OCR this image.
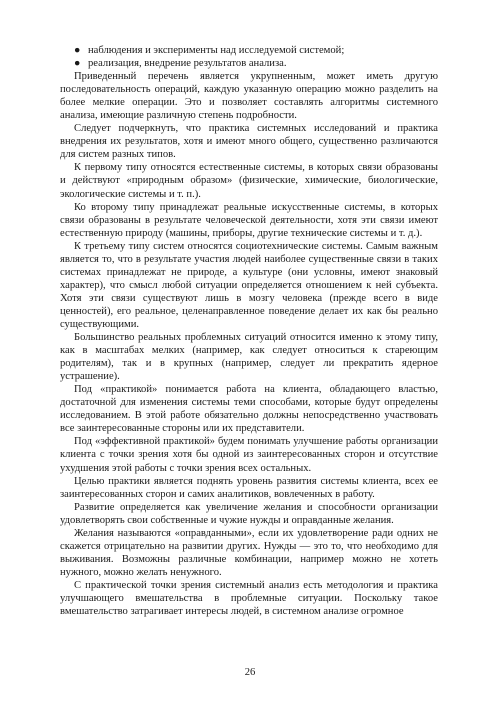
● наблюдения и эксперименты над исследуемой системой;
● реализация, внедрение результатов анализа.

Приведенный перечень является укрупненным, может иметь другую последовательность операций, каждую указанную операцию можно разделить на более мелкие операции. Это и позволяет составлять алгоритмы системного анализа, имеющие различную степень подробности.

Следует подчеркнуть, что практика системных исследований и практика внедрения их результатов, хотя и имеют много общего, существенно различаются для систем разных типов.

К первому типу относятся естественные системы, в которых связи образованы и действуют «природным образом» (физические, химические, биологические, экологические системы и т. п.).

Ко второму типу принадлежат реальные искусственные системы, в которых связи образованы в результате человеческой деятельности, хотя эти связи имеют естественную природу (машины, приборы, другие технические системы и т. д.).

К третьему типу систем относятся социотехнические системы. Самым важным является то, что в результате участия людей наиболее существенные связи в таких системах принадлежат не природе, а культуре (они условны, имеют знаковый характер), что смысл любой ситуации определяется отношением к ней субъекта. Хотя эти связи существуют лишь в мозгу человека (прежде всего в виде ценностей), его реальное, целенаправленное поведение делает их как бы реально существующими.

Большинство реальных проблемных ситуаций относится именно к этому типу, как в масштабах мелких (например, как следует относиться к стареющим родителям), так и в крупных (например, следует ли прекратить ядерное устрашение).

Под «практикой» понимается работа на клиента, обладающего властью, достаточной для изменения системы теми способами, которые будут определены исследованием. В этой работе обязательно должны непосредственно участвовать все заинтересованные стороны или их представители.

Под «эффективной практикой» будем понимать улучшение работы организации клиента с точки зрения хотя бы одной из заинтересованных сторон и отсутствие ухудшения этой работы с точки зрения всех остальных.

Целью практики является поднять уровень развития системы клиента, всех ее заинтересованных сторон и самих аналитиков, вовлеченных в работу.

Развитие определяется как увеличение желания и способности организации удовлетворять свои собственные и чужие нужды и оправданные желания.

Желания называются «оправданными», если их удовлетворение ради одних не скажется отрицательно на развитии других. Нужды — это то, что необходимо для выживания. Возможны различные комбинации, например можно не хотеть нужного, можно желать ненужного.

С практической точки зрения системный анализ есть методология и практика улучшающего вмешательства в проблемные ситуации. Поскольку такое вмешательство затрагивает интересы людей, в системном анализе огромное

26
